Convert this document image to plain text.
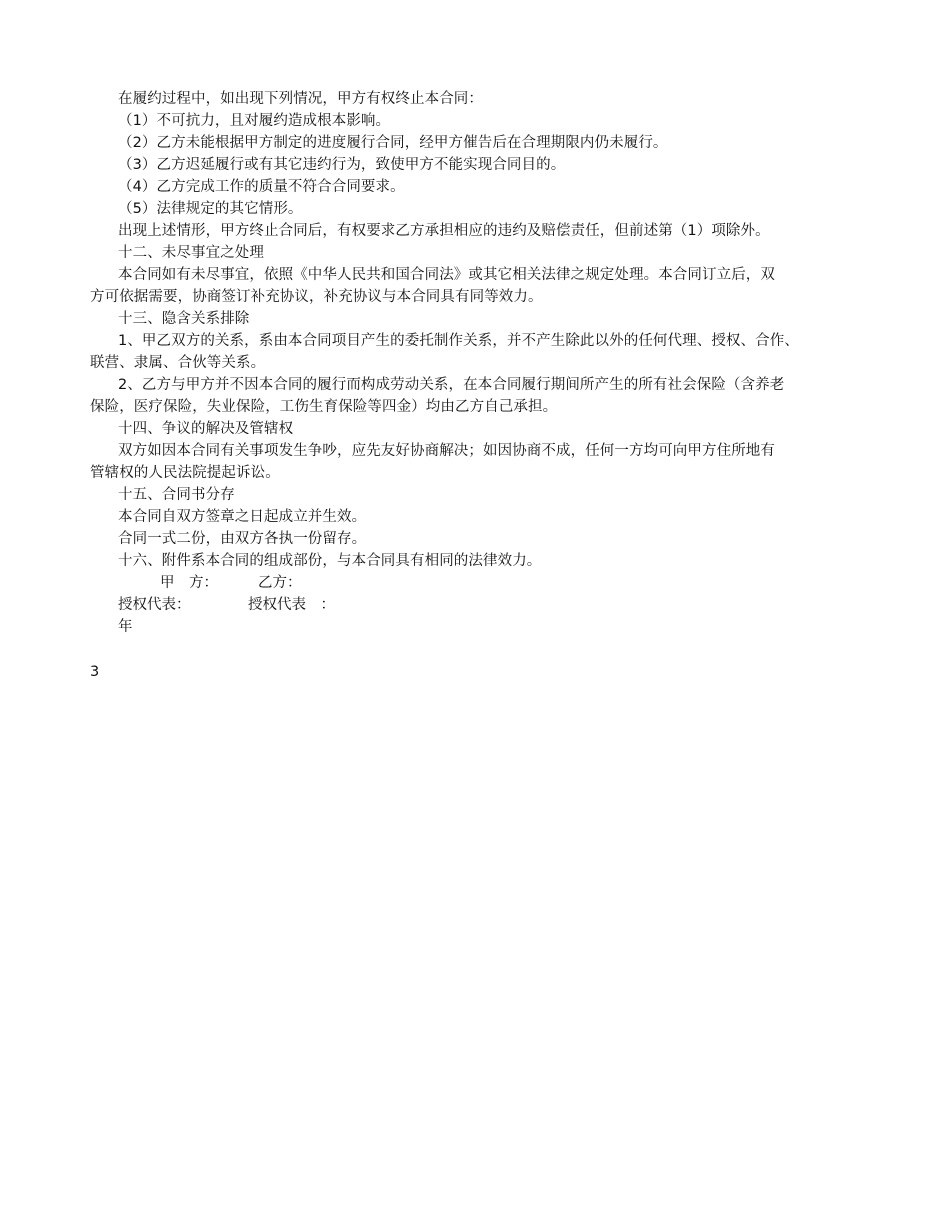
在履约过程中，如出现下列情况，甲方有权终止本合同：
（1）不可抗力，且对履约造成根本影响。
（2）乙方未能根据甲方制定的进度履行合同，经甲方催告后在合理期限内仍未履行。
（3）乙方迟延履行或有其它违约行为，致使甲方不能实现合同目的。
（4）乙方完成工作的质量不符合合同要求。
（5）法律规定的其它情形。
出现上述情形，甲方终止合同后，有权要求乙方承担相应的违约及赔偿责任，但前述第（1）项除外。
十二、未尽事宜之处理
本合同如有未尽事宜，依照《中华人民共和国合同法》或其它相关法律之规定处理。本合同订立后，双
方可依据需要，协商签订补充协议，补充协议与本合同具有同等效力。
十三、隐含关系排除
1、甲乙双方的关系，系由本合同项目产生的委托制作关系，并不产生除此以外的任何代理、授权、合作、
联营、隶属、合伙等关系。
2、乙方与甲方并不因本合同的履行而构成劳动关系，在本合同履行期间所产生的所有社会保险（含养老
保险，医疗保险，失业保险，工伤生育保险等四金）均由乙方自己承担。
十四、争议的解决及管辖权
双方如因本合同有关事项发生争吵，应先友好协商解决；如因协商不成，任何一方均可向甲方住所地有
管辖权的人民法院提起诉讼。
十五、合同书分存
本合同自双方签章之日起成立并生效。
合同一式二份，由双方各执一份留存。
十六、附件系本合同的组成部份，与本合同具有相同的法律效力。
甲　方：	乙方：
授权代表：	授权代表　：
年
3
